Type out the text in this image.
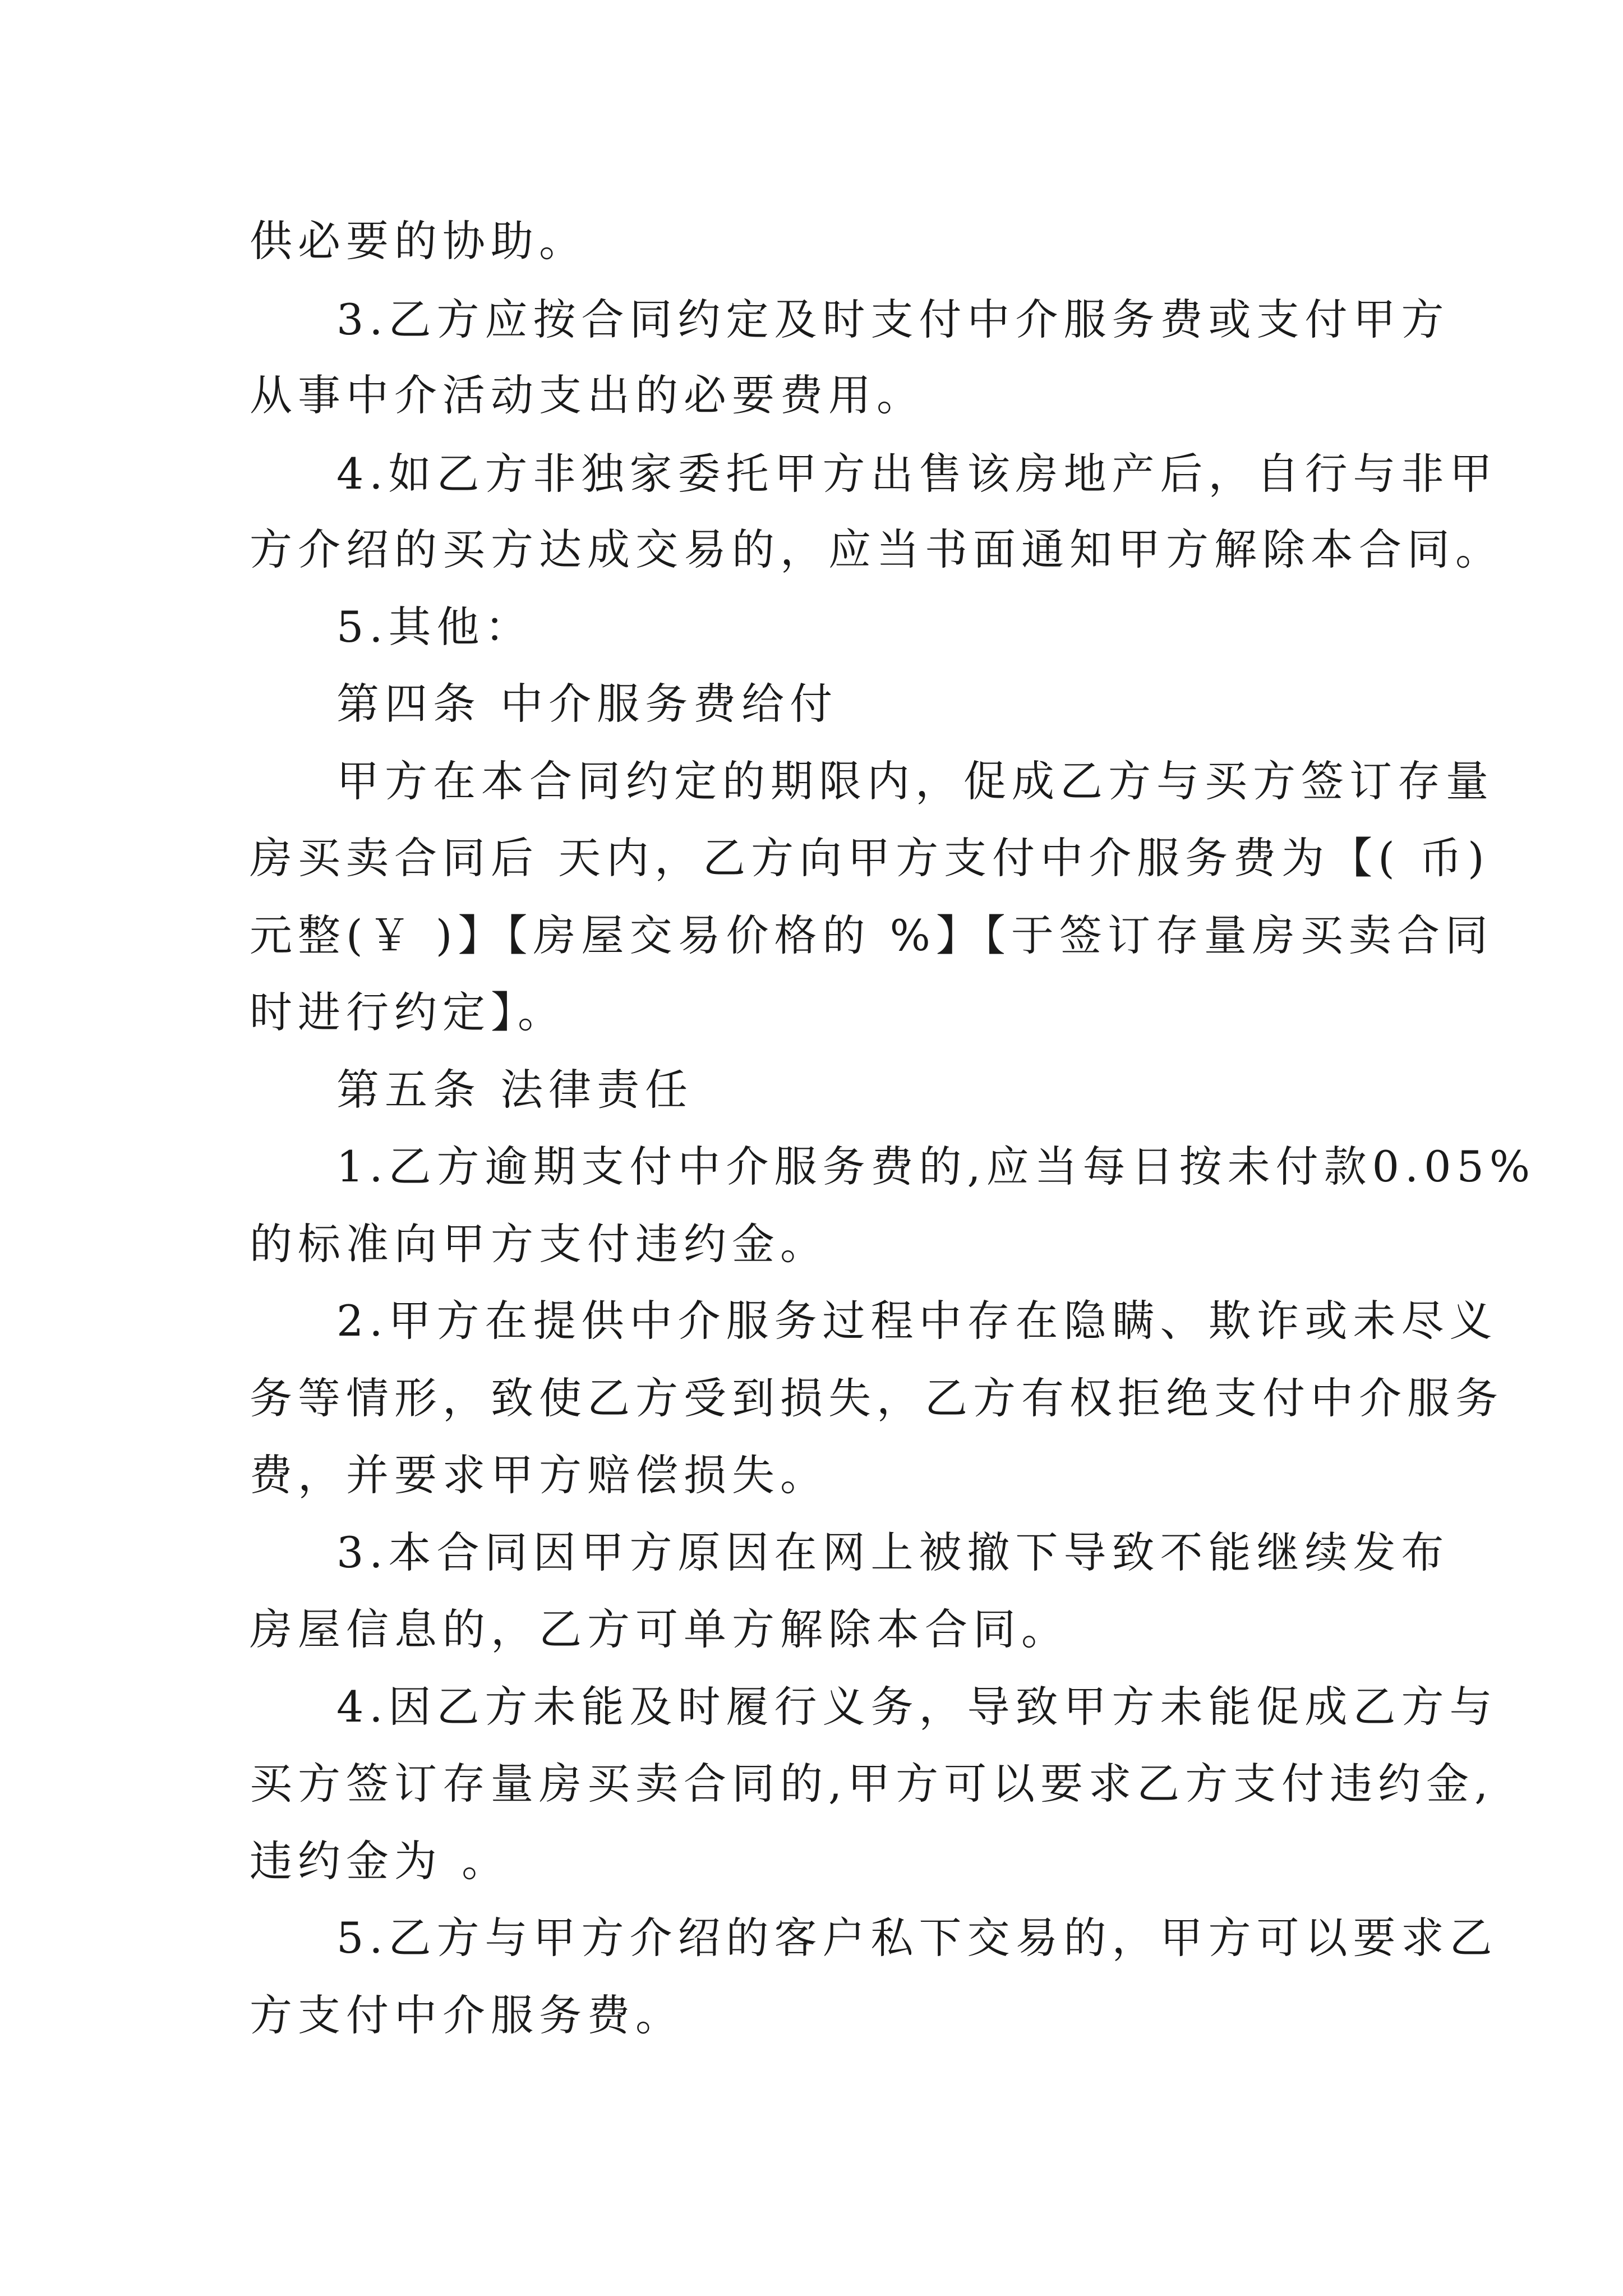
供必要的协助。
3.乙方应按合同约定及时支付中介服务费或支付甲方
从事中介活动支出的必要费用。
4.如乙方非独家委托甲方出售该房地产后，自行与非甲
方介绍的买方达成交易的，应当书面通知甲方解除本合同。
5.其他：
第四条 中介服务费给付
甲方在本合同约定的期限内，促成乙方与买方签订存量
房买卖合同后 天内，乙方向甲方支付中介服务费为【( 币)
元整(￥ )】【房屋交易价格的 %】【于签订存量房买卖合同
时进行约定】。
第五条 法律责任
1.乙方逾期支付中介服务费的,应当每日按未付款0.05%
的标准向甲方支付违约金。
2.甲方在提供中介服务过程中存在隐瞒、欺诈或未尽义
务等情形，致使乙方受到损失，乙方有权拒绝支付中介服务
费，并要求甲方赔偿损失。
3.本合同因甲方原因在网上被撤下导致不能继续发布
房屋信息的，乙方可单方解除本合同。
4.因乙方未能及时履行义务，导致甲方未能促成乙方与
买方签订存量房买卖合同的,甲方可以要求乙方支付违约金,
违约金为 。
5.乙方与甲方介绍的客户私下交易的，甲方可以要求乙
方支付中介服务费。
